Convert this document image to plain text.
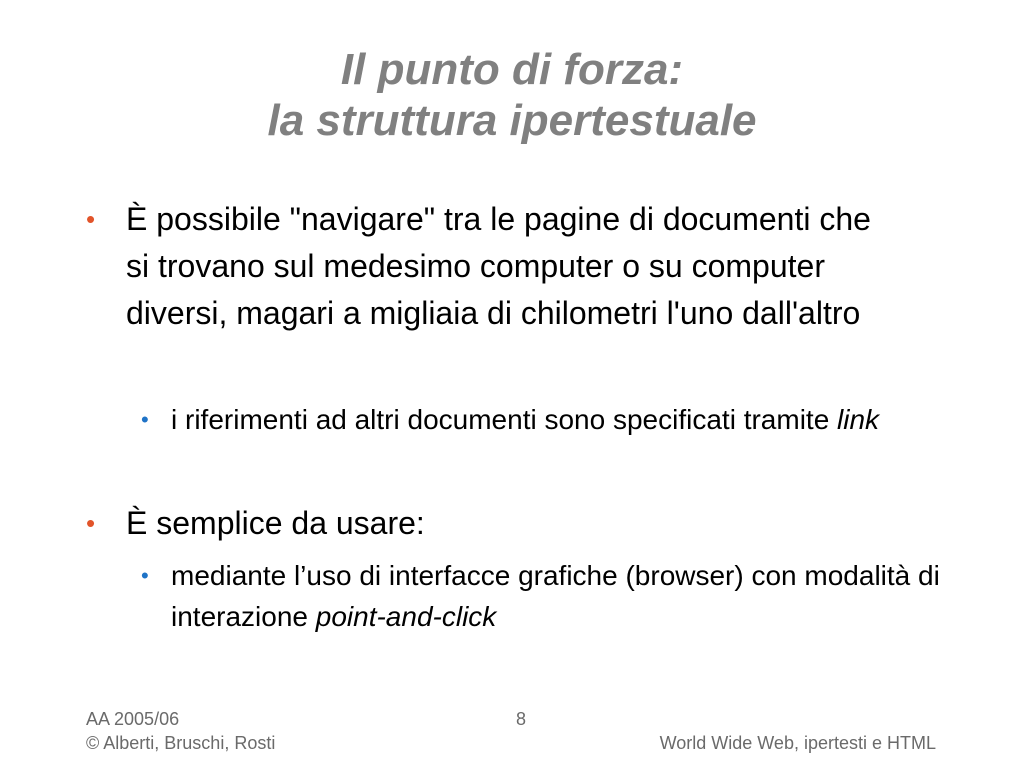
Il punto di forza:
la struttura ipertestuale
• È possibile "navigare" tra le pagine di documenti che si trovano sul medesimo computer o su computer diversi, magari a migliaia di chilometri l'uno dall'altro
• i riferimenti ad altri documenti sono specificati tramite link
• È semplice da usare:
• mediante l’uso di interfacce grafiche (browser) con modalità di interazione point-and-click
AA 2005/06
© Alberti, Bruschi, Rosti
8
World Wide Web, ipertesti e HTML
